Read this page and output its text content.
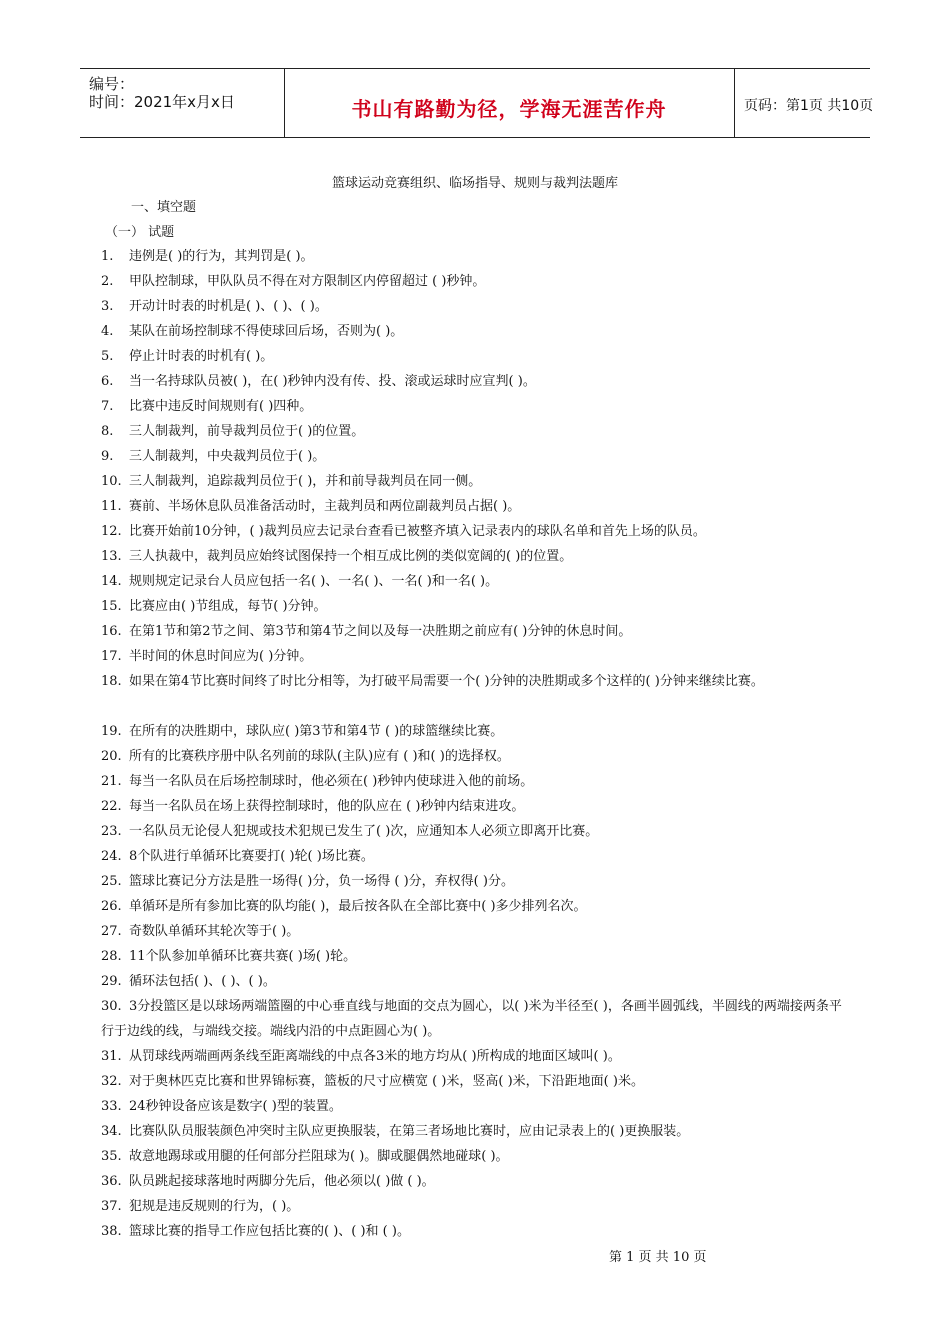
编号：
时间：2021年x月x日	书山有路勤为径，学海无涯苦作舟	页码：第1页 共10页
篮球运动竞赛组织、临场指导、规则与裁判法题库
一、填空题
（一） 试题
1. 违例是( )的行为，其判罚是( )。
2. 甲队控制球，甲队队员不得在对方限制区内停留超过 ( )秒钟。
3. 开动计时表的时机是( )、( )、( )。
4. 某队在前场控制球不得使球回后场，否则为( )。
5. 停止计时表的时机有( )。
6. 当一名持球队员被( )，在( )秒钟内没有传、投、滚或运球时应宣判( )。
7. 比赛中违反时间规则有( )四种。
8. 三人制裁判，前导裁判员位于( )的位置。
9. 三人制裁判，中央裁判员位于( )。
10. 三人制裁判，追踪裁判员位于( )，并和前导裁判员在同一侧。
11. 赛前、半场休息队员准备活动时，主裁判员和两位副裁判员占据( )。
12. 比赛开始前10分钟，( )裁判员应去记录台查看已被整齐填入记录表内的球队名单和首先上场的队员。
13. 三人执裁中，裁判员应始终试图保持一个相互成比例的类似宽阔的( )的位置。
14. 规则规定记录台人员应包括一名( )、一名( )、一名( )和一名( )。
15. 比赛应由( )节组成，每节( )分钟。
16. 在第1节和第2节之间、第3节和第4节之间以及每一决胜期之前应有( )分钟的休息时间。
17. 半时间的休息时间应为( )分钟。
18. 如果在第4节比赛时间终了时比分相等，为打破平局需要一个( )分钟的决胜期或多个这样的( )分钟来继续比赛。
19. 在所有的决胜期中，球队应( )第3节和第4节 ( )的球篮继续比赛。
20. 所有的比赛秩序册中队名列前的球队(主队)应有 ( )和( )的选择权。
21. 每当一名队员在后场控制球时，他必须在( )秒钟内使球进入他的前场。
22. 每当一名队员在场上获得控制球时，他的队应在 ( )秒钟内结束进攻。
23. 一名队员无论侵人犯规或技术犯规已发生了( )次，应通知本人必须立即离开比赛。
24. 8个队进行单循环比赛要打( )轮( )场比赛。
25. 篮球比赛记分方法是胜一场得( )分，负一场得 ( )分，弃权得( )分。
26. 单循环是所有参加比赛的队均能( )，最后按各队在全部比赛中( )多少排列名次。
27. 奇数队单循环其轮次等于( )。
28. 11个队参加单循环比赛共赛( )场( )轮。
29. 循环法包括( )、( )、( )。
30. 3分投篮区是以球场两端篮圈的中心垂直线与地面的交点为圆心，以( )米为半径至( )，各画半圆弧线，半圆线的两端接两条平行于边线的线，与端线交接。端线内沿的中点距圆心为( )。
31. 从罚球线两端画两条线至距离端线的中点各3米的地方均从( )所构成的地面区域叫( )。
32. 对于奥林匹克比赛和世界锦标赛，篮板的尺寸应横宽 ( )米，竖高( )米，下沿距地面( )米。
33. 24秒钟设备应该是数字( )型的装置。
34. 比赛队队员服装颜色冲突时主队应更换服装，在第三者场地比赛时，应由记录表上的( )更换服装。
35. 故意地踢球或用腿的任何部分拦阻球为( )。脚或腿偶然地碰球( )。
36. 队员跳起接球落地时两脚分先后，他必须以( )做 ( )。
37. 犯规是违反规则的行为，( )。
38. 篮球比赛的指导工作应包括比赛的( )、( )和 ( )。
第 1 页 共 10 页
